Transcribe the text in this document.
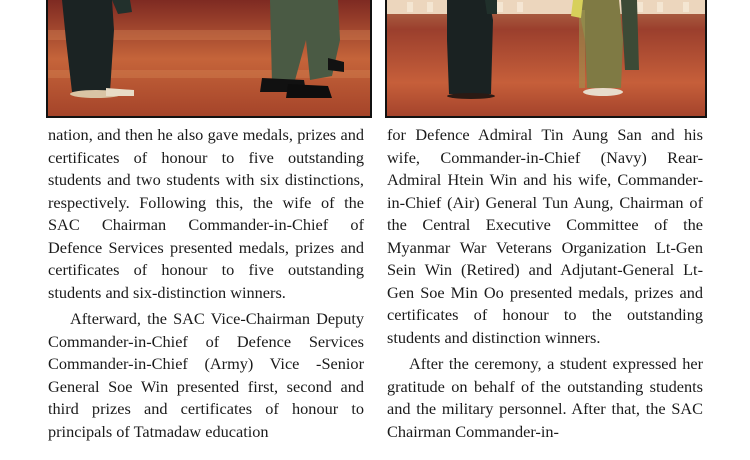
nation, and then he also gave medals, prizes and certificates of honour to five outstanding students and two students with six distinctions, respectively. Following this, the wife of the SAC Chairman Commander-in-Chief of Defence Services presented medals, prizes and certificates of honour to five outstanding students and six-distinction winners.

Afterward, the SAC Vice-Chairman Deputy Commander-in-Chief of Defence Services Commander-in-Chief (Army) Vice -Senior General Soe Win presented first, second and third prizes and certificates of honour to principals of Tatmadaw education

for Defence Admiral Tin Aung San and his wife, Commander-in-Chief (Navy) Rear-Admiral Htein Win and his wife, Commander-in-Chief (Air) General Tun Aung, Chairman of the Central Executive Committee of the Myanmar War Veterans Organization Lt-Gen Sein Win (Retired) and Adjutant-General Lt-Gen Soe Min Oo presented medals, prizes and certificates of honour to the outstanding students and distinction winners.

After the ceremony, a student expressed her gratitude on behalf of the outstanding students and the military personnel. After that, the SAC Chairman Commander-in-
